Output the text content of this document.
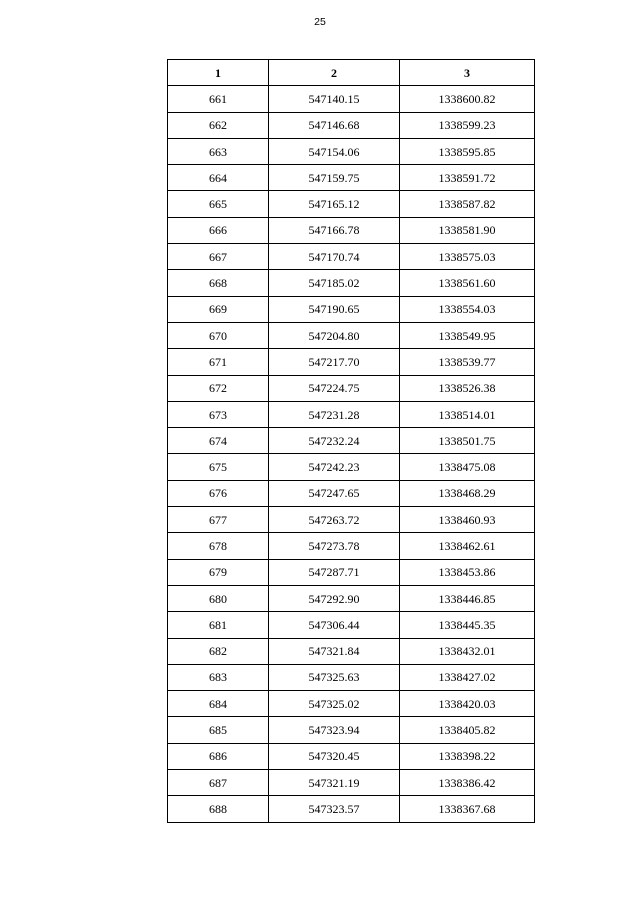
25
1	2	3
661	547140.15	1338600.82
662	547146.68	1338599.23
663	547154.06	1338595.85
664	547159.75	1338591.72
665	547165.12	1338587.82
666	547166.78	1338581.90
667	547170.74	1338575.03
668	547185.02	1338561.60
669	547190.65	1338554.03
670	547204.80	1338549.95
671	547217.70	1338539.77
672	547224.75	1338526.38
673	547231.28	1338514.01
674	547232.24	1338501.75
675	547242.23	1338475.08
676	547247.65	1338468.29
677	547263.72	1338460.93
678	547273.78	1338462.61
679	547287.71	1338453.86
680	547292.90	1338446.85
681	547306.44	1338445.35
682	547321.84	1338432.01
683	547325.63	1338427.02
684	547325.02	1338420.03
685	547323.94	1338405.82
686	547320.45	1338398.22
687	547321.19	1338386.42
688	547323.57	1338367.68
